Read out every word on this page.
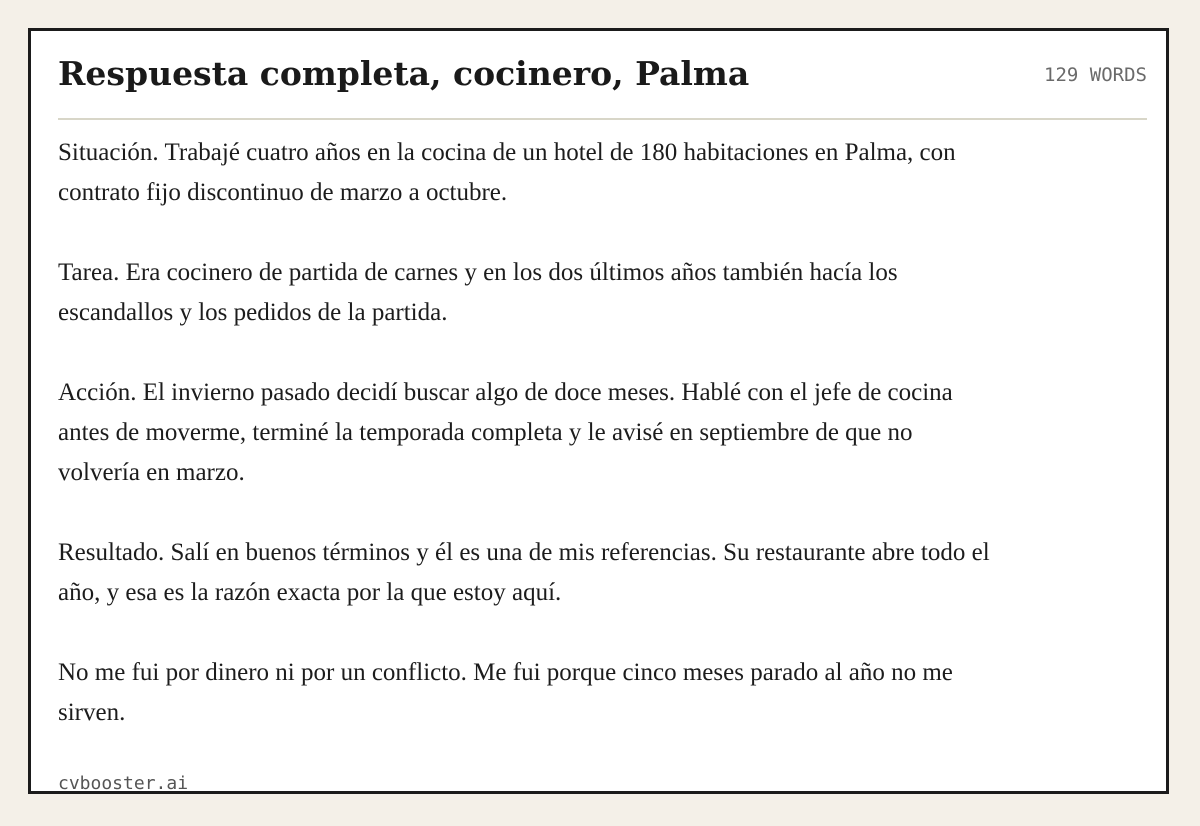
Respuesta completa, cocinero, Palma	129 WORDS

Situación. Trabajé cuatro años en la cocina de un hotel de 180 habitaciones en Palma, con contrato fijo discontinuo de marzo a octubre.

Tarea. Era cocinero de partida de carnes y en los dos últimos años también hacía los escandallos y los pedidos de la partida.

Acción. El invierno pasado decidí buscar algo de doce meses. Hablé con el jefe de cocina antes de moverme, terminé la temporada completa y le avisé en septiembre de que no volvería en marzo.

Resultado. Salí en buenos términos y él es una de mis referencias. Su restaurante abre todo el año, y esa es la razón exacta por la que estoy aquí.

No me fui por dinero ni por un conflicto. Me fui porque cinco meses parado al año no me sirven.

cvbooster.ai
